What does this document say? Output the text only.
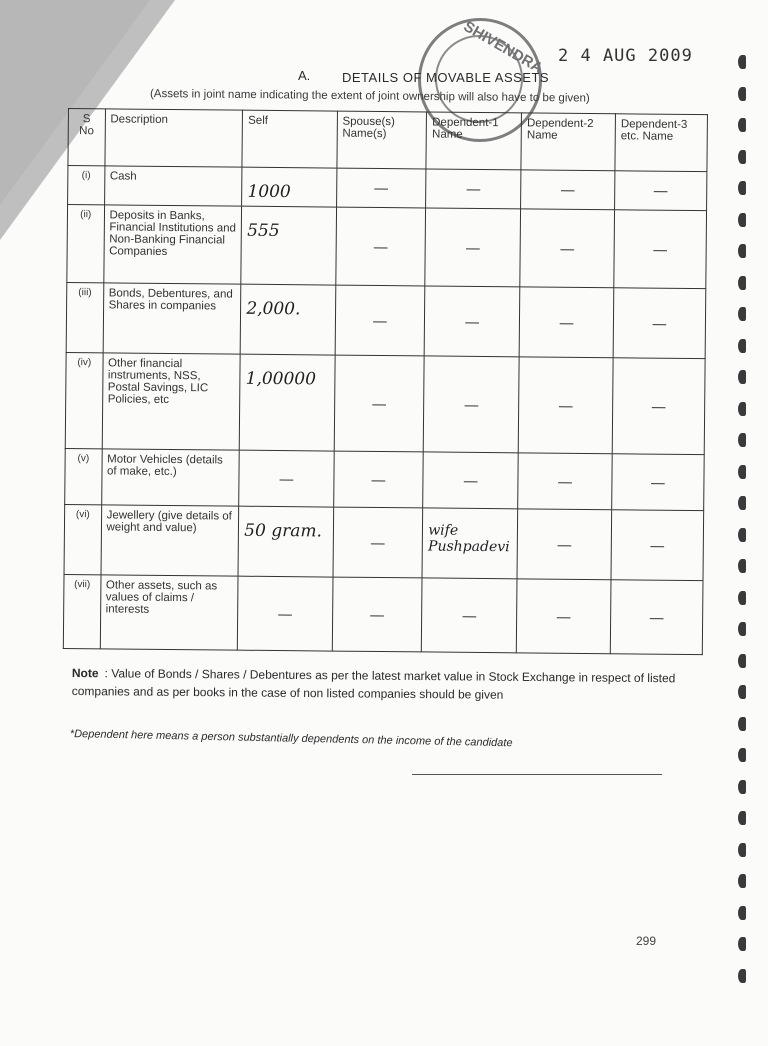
SHIVENDRA 2 4 AUG 2009
A. DETAILS OF MOVABLE ASSETS
(Assets in joint name indicating the extent of joint ownership will also have to be given)
S No	Description	Self	Spouse(s) Name(s)	Dependent-1 Name	Dependent-2 Name	Dependent-3 etc. Name
(i)	Cash	1000	—	—	—	—
(ii)	Deposits in Banks, Financial Institutions and Non-Banking Financial Companies	555	—	—	—	—
(iii)	Bonds, Debentures, and Shares in companies	2,000.	—	—	—	—
(iv)	Other financial instruments, NSS, Postal Savings, LIC Policies, etc	1,00000	—	—	—	—
(v)	Motor Vehicles (details of make, etc.)	—	—	—	—	—
(vi)	Jewellery (give details of weight and value)	50 gram.	—	wife Pushpadevi	—	—
(vii)	Other assets, such as values of claims / interests	—	—	—	—	—
Note : Value of Bonds / Shares / Debentures as per the latest market value in Stock Exchange in respect of listed companies and as per books in the case of non listed companies should be given
*Dependent here means a person substantially dependents on the income of the candidate
299
